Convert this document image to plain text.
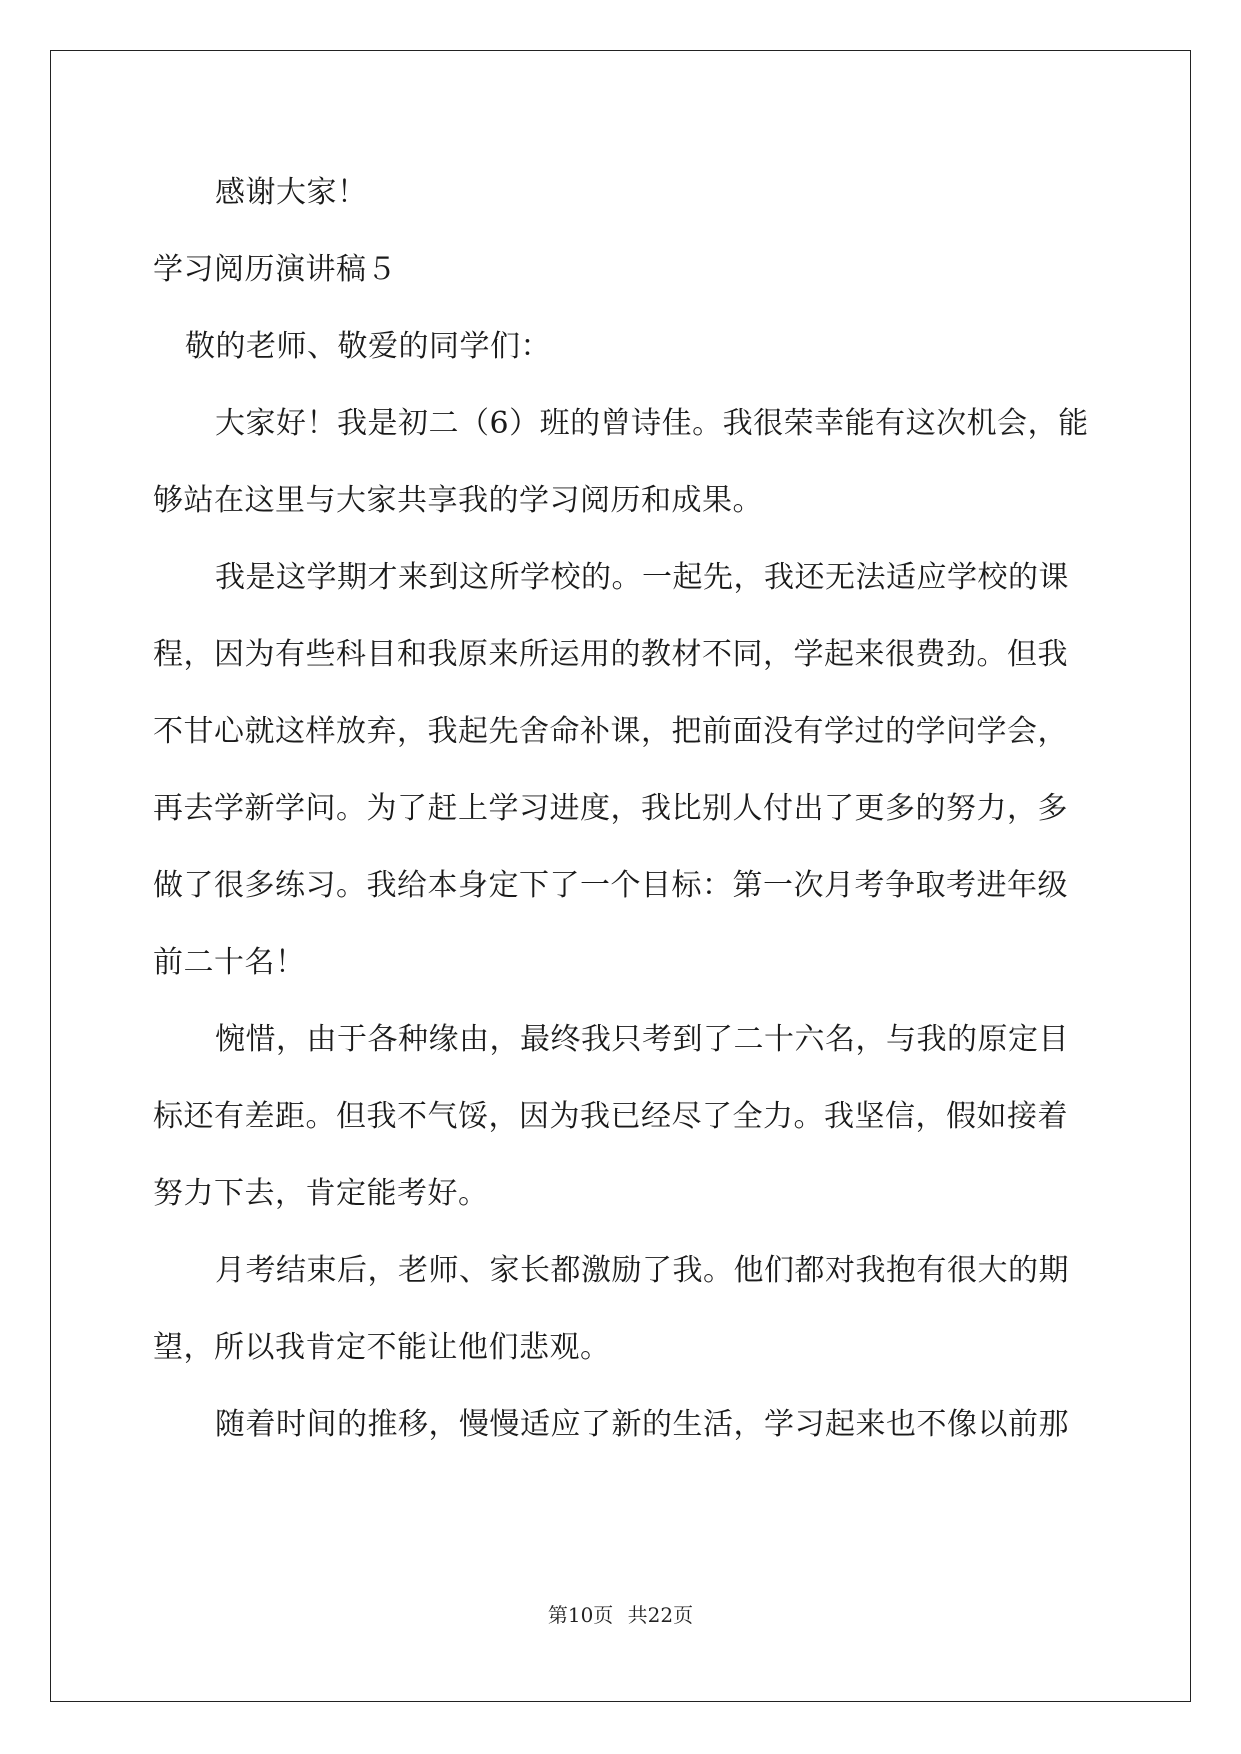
感谢大家！
学习阅历演讲稿５
敬的老师、敬爱的同学们：
大家好！我是初二（6）班的曾诗佳。我很荣幸能有这次机会，能
够站在这里与大家共享我的学习阅历和成果。
我是这学期才来到这所学校的。一起先，我还无法适应学校的课
程，因为有些科目和我原来所运用的教材不同，学起来很费劲。但我
不甘心就这样放弃，我起先舍命补课，把前面没有学过的学问学会，
再去学新学问。为了赶上学习进度，我比别人付出了更多的努力，多
做了很多练习。我给本身定下了一个目标：第一次月考争取考进年级
前二十名！
惋惜，由于各种缘由，最终我只考到了二十六名，与我的原定目
标还有差距。但我不气馁，因为我已经尽了全力。我坚信，假如接着
努力下去，肯定能考好。
月考结束后，老师、家长都激励了我。他们都对我抱有很大的期
望，所以我肯定不能让他们悲观。
随着时间的推移，慢慢适应了新的生活，学习起来也不像以前那
第10页 共22页
